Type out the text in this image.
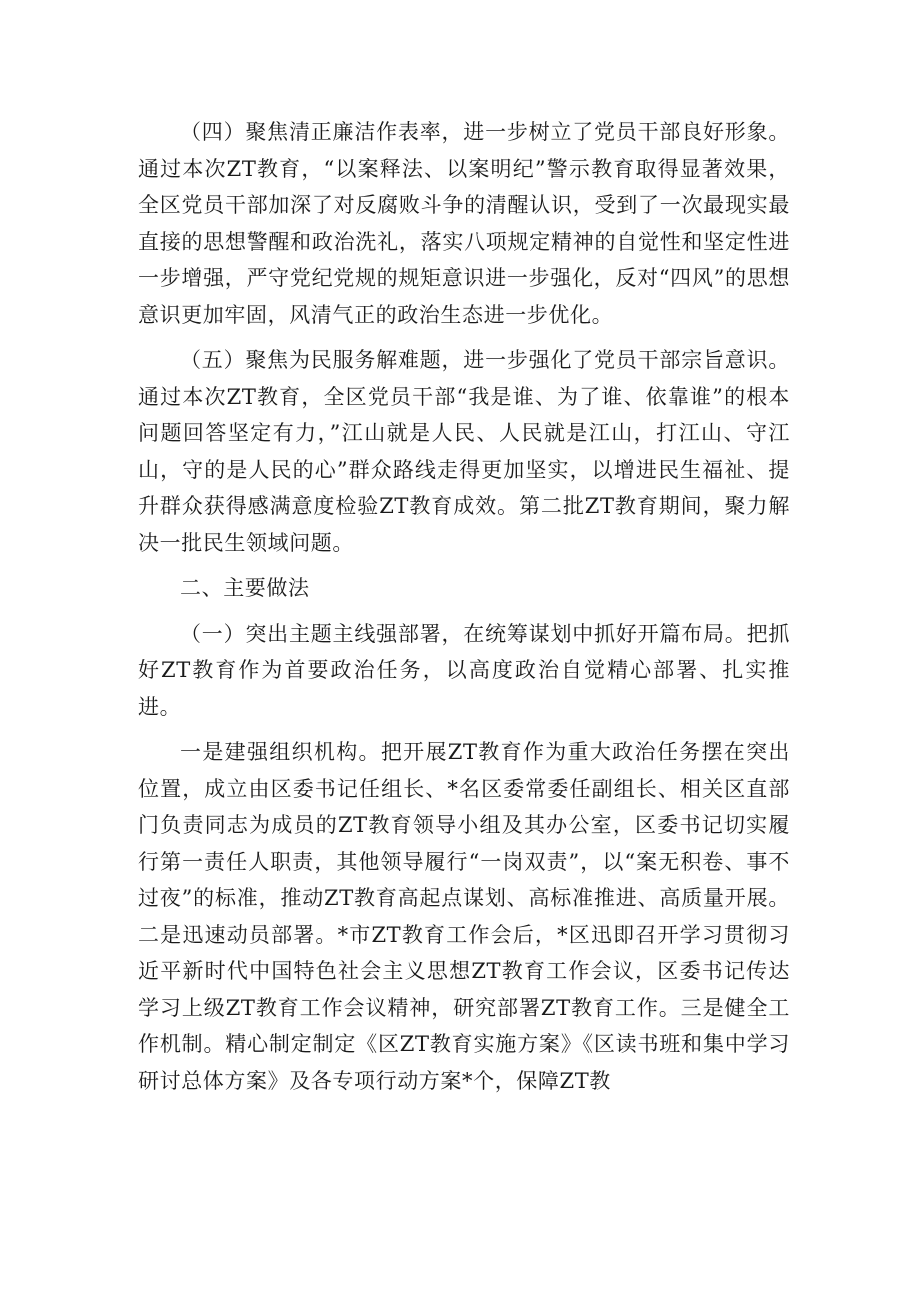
（四）聚焦清正廉洁作表率，进一步树立了党员干部良好形象。通过本次ZT教育，“以案释法、以案明纪”警示教育取得显著效果，全区党员干部加深了对反腐败斗争的清醒认识，受到了一次最现实最直接的思想警醒和政治洗礼，落实八项规定精神的自觉性和坚定性进一步增强，严守党纪党规的规矩意识进一步强化，反对“四风”的思想意识更加牢固，风清气正的政治生态进一步优化。

（五）聚焦为民服务解难题，进一步强化了党员干部宗旨意识。通过本次ZT教育，全区党员干部“我是谁、为了谁、依靠谁”的根本问题回答坚定有力，”江山就是人民、人民就是江山，打江山、守江山，守的是人民的心”群众路线走得更加坚实，以增进民生福祉、提升群众获得感满意度检验ZT教育成效。第二批ZT教育期间，聚力解决一批民生领域问题。

二、主要做法

（一）突出主题主线强部署，在统筹谋划中抓好开篇布局。把抓好ZT教育作为首要政治任务，以高度政治自觉精心部署、扎实推进。

一是建强组织机构。把开展ZT教育作为重大政治任务摆在突出位置，成立由区委书记任组长、*名区委常委任副组长、相关区直部门负责同志为成员的ZT教育领导小组及其办公室，区委书记切实履行第一责任人职责，其他领导履行“一岗双责”，以“案无积卷、事不过夜”的标准，推动ZT教育高起点谋划、高标准推进、高质量开展。二是迅速动员部署。*市ZT教育工作会后，*区迅即召开学习贯彻习近平新时代中国特色社会主义思想ZT教育工作会议，区委书记传达学习上级ZT教育工作会议精神，研究部署ZT教育工作。三是健全工作机制。精心制定制定《区ZT教育实施方案》《区读书班和集中学习研讨总体方案》及各专项行动方案*个，保障ZT教
